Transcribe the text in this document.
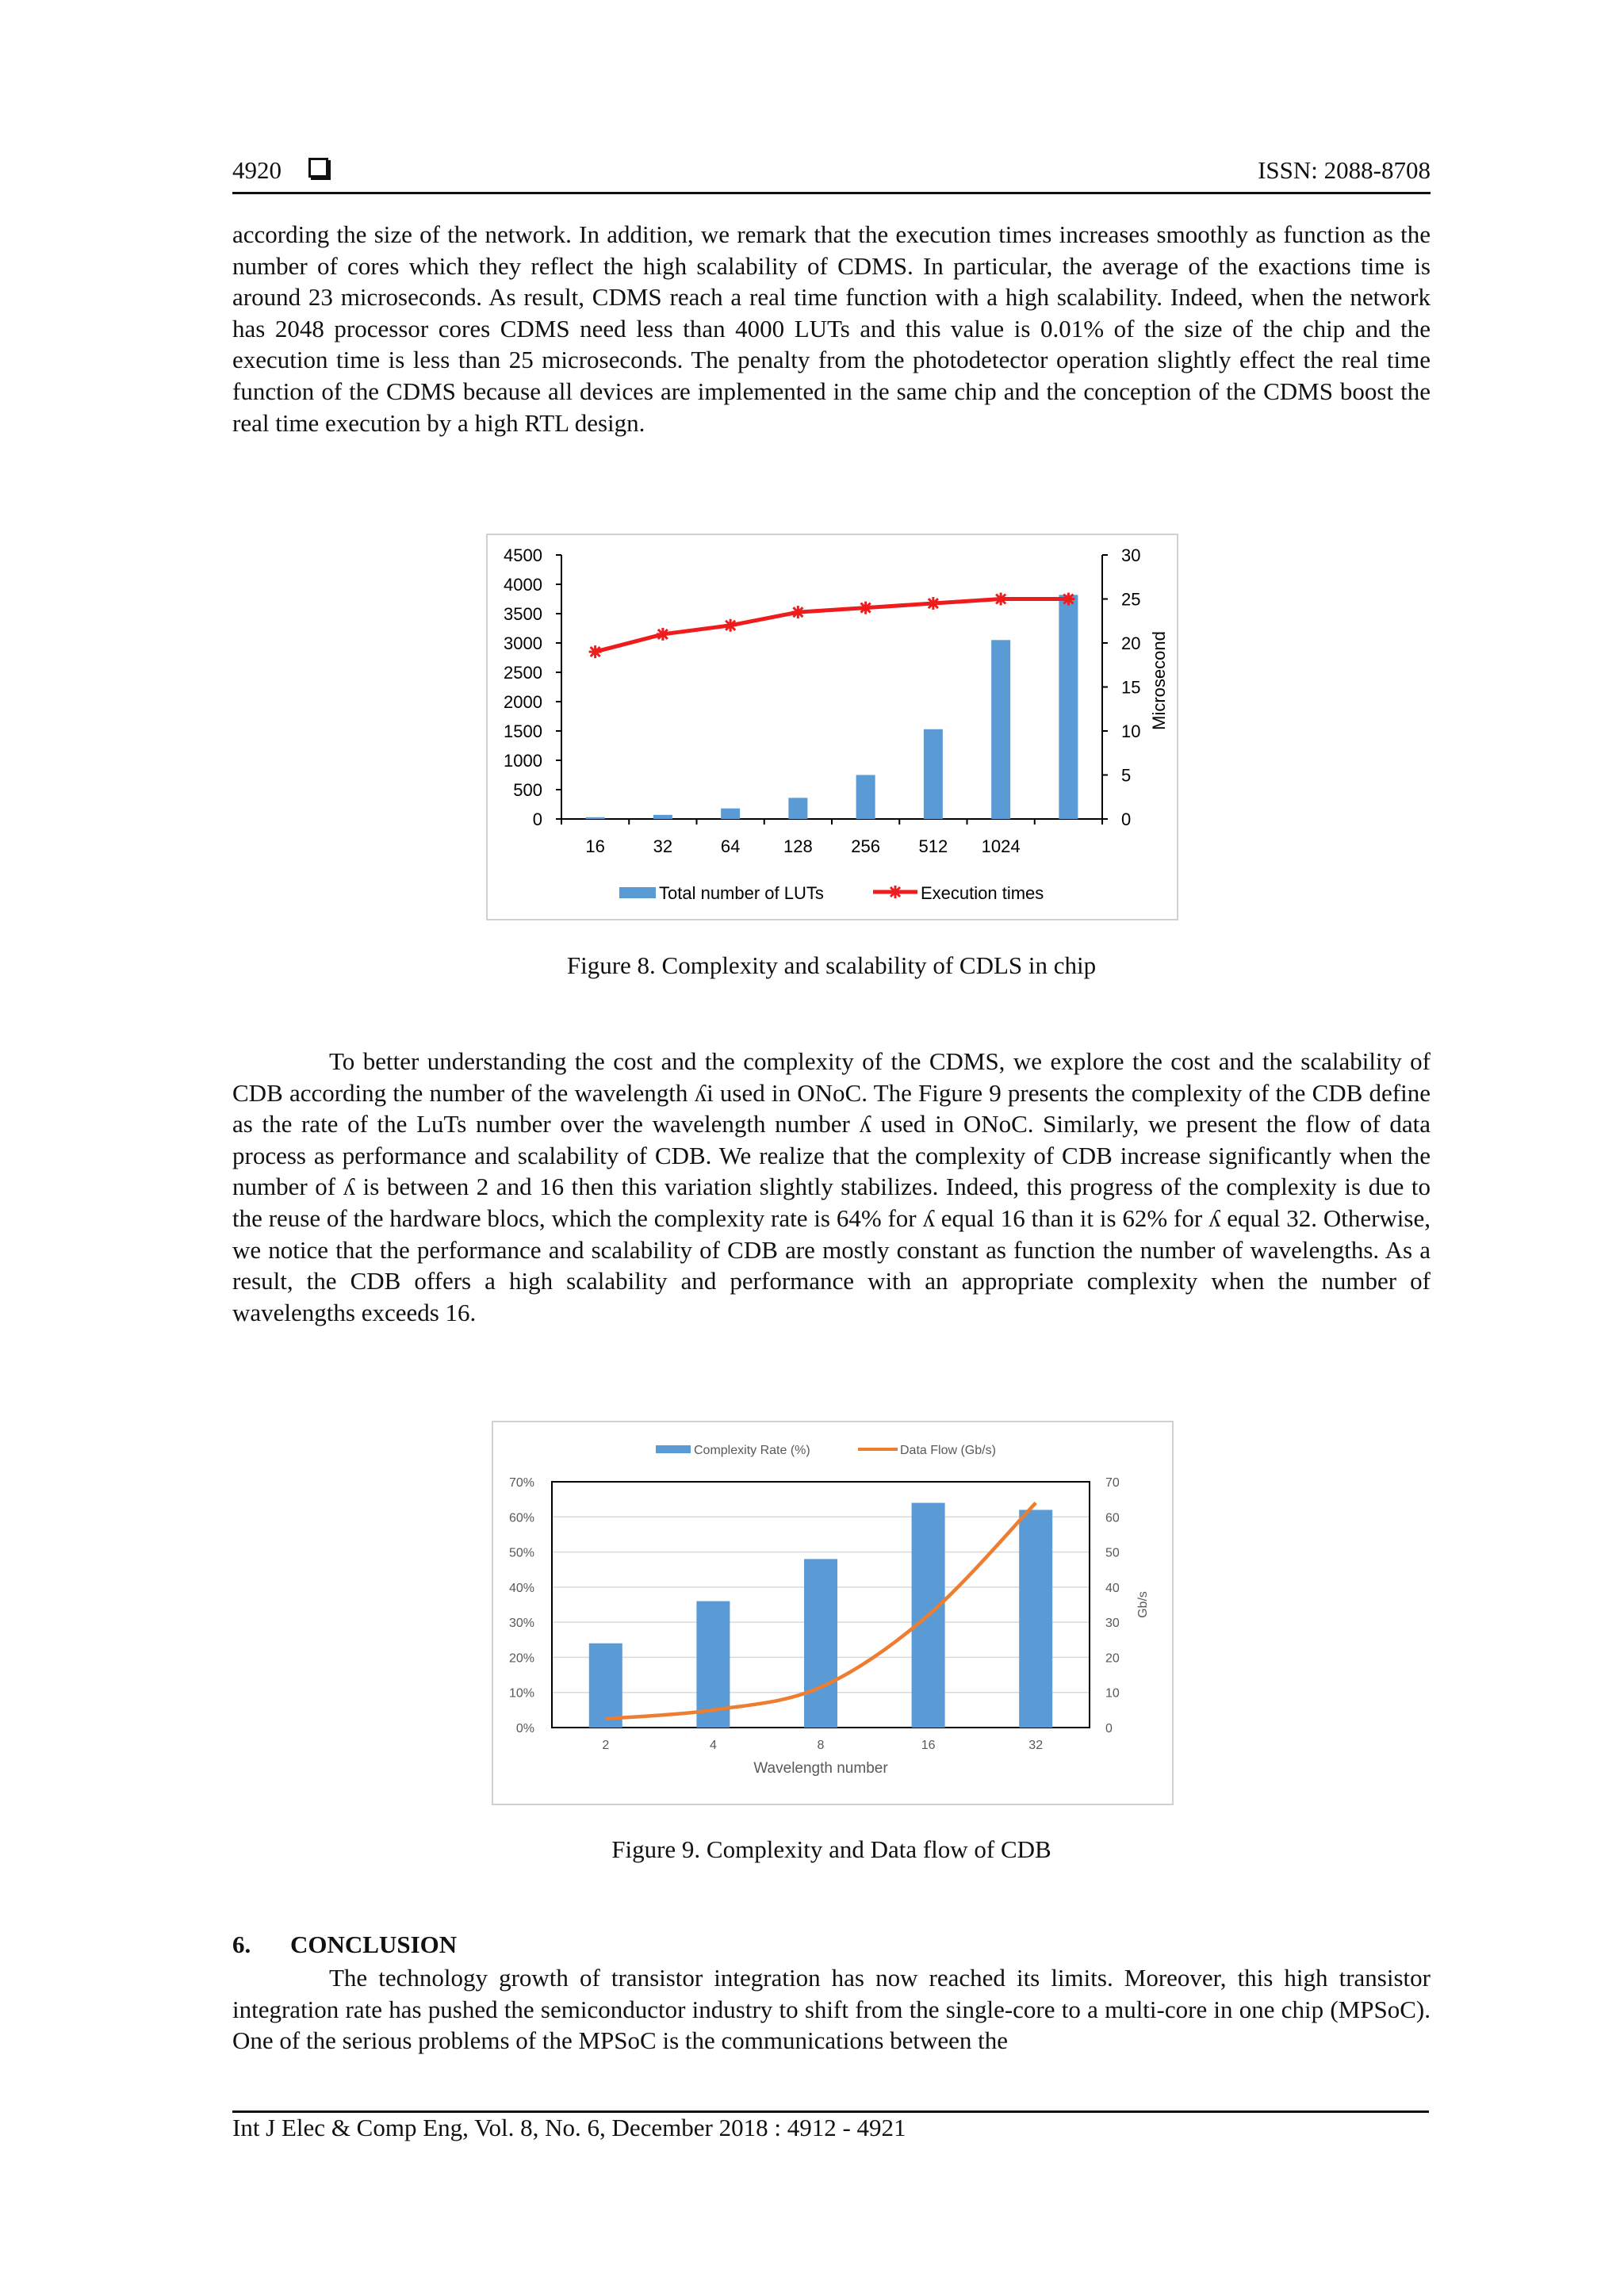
4920	ISSN: 2088-8708

according the size of the network. In addition, we remark that the execution times increases smoothly as function as the number of cores which they reflect the high scalability of CDMS. In particular, the average of the exactions time is around 23 microseconds. As result, CDMS reach a real time function with a high scalability. Indeed, when the network has 2048 processor cores CDMS need less than 4000 LUTs and this value is 0.01% of the size of the chip and the execution time is less than 25 microseconds. The penalty from the photodetector operation slightly effect the real time function of the CDMS because all devices are implemented in the same chip and the conception of the CDMS boost the real time execution by a high RTL design.

0
500
1000
1500
2000
2500
3000
3500
4000
4500
0
5
10
15
20
25
30
Microsecond
16	32	64 128 256 512 1024
Total number of LUTs	Execution times
Figure 8. Complexity and scalability of CDLS in chip

To better understanding the cost and the complexity of the CDMS, we explore the cost and the scalability of CDB according the number of the wavelength ʎi used in ONoC. The Figure 9 presents the complexity of the CDB define as the rate of the LuTs number over the wavelength number ʎ used in ONoC. Similarly, we present the flow of data process as performance and scalability of CDB. We realize that the complexity of CDB increase significantly when the number of ʎ is between 2 and 16 then this variation slightly stabilizes. Indeed, this progress of the complexity is due to the reuse of the hardware blocs, which the complexity rate is 64% for ʎ equal 16 than it is 62% for ʎ equal 32. Otherwise, we notice that the performance and scalability of CDB are mostly constant as function the number of wavelengths. As a result, the CDB offers a high scalability and performance with an appropriate complexity when the number of wavelengths exceeds 16.

0%
10%
20%
30%
40%
50%
60%
70%
0
10
20
30
40
50
60
70
Gb/s
2	4	8	16	32
Wavelength number
Complexity Rate (%)	Data Flow (Gb/s)
Figure 9. Complexity and Data flow of CDB
6. CONCLUSION

The technology growth of transistor integration has now reached its limits. Moreover, this high transistor integration rate has pushed the semiconductor industry to shift from the single-core to a multi-core in one chip (MPSoC). One of the serious problems of the MPSoC is the communications between the

Int J Elec & Comp Eng, Vol. 8, No. 6, December 2018 : 4912 - 4921
